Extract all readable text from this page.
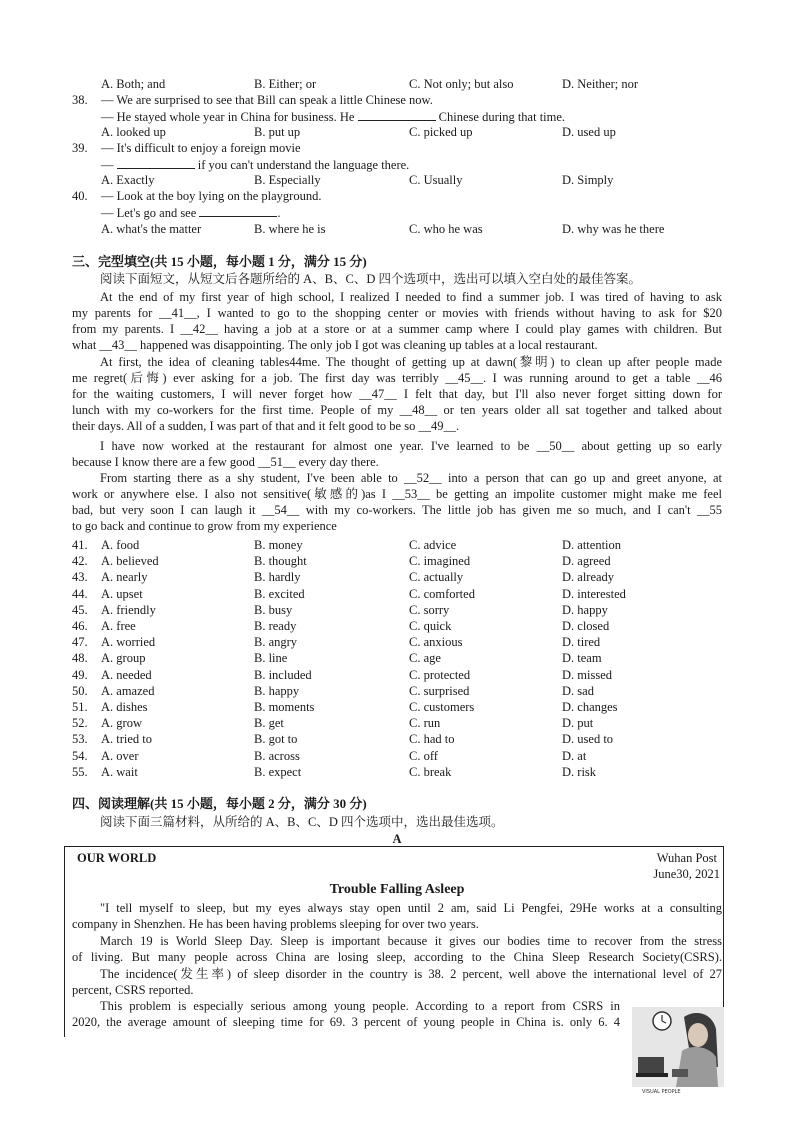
A. Both; and	B. Either; or	C. Not only; but also	D. Neither; nor
38. — We are surprised to see that Bill can speak a little Chinese now.
— He stayed whole year in China for business. He	Chinese during that time.
A. looked up	B. put up	C. picked up	D. used up
39. — It's difficult to enjoy a foreign movie
—	if you can't understand the language there.
A. Exactly	B. Especially	C. Usually	D. Simply
40. — Look at the boy lying on the playground.
— Let's go and see	.
A. what's the matter	B. where he is	C. who he was	D. why was he there
三、完型填空(共 15 小题，每小题 1 分，满分 15 分)
阅读下面短文，从短文后各题所给的 A、B、C、D 四个选项中，选出可以填入空白处的最佳答案。
At the end of my first year of high school, I realized I needed to find a summer job. I was tired of having to ask
my parents for __41__, I wanted to go to the shopping center or movies with friends without having to ask for $20
from my parents. I __42__ having a job at a store or at a summer camp where I could play games with children. But
what __43__ happened was disappointing. The only job I got was cleaning up tables at a local restaurant.
At first, the idea of cleaning tables44me. The thought of getting up at dawn(黎明) to clean up after people made
me regret(后悔) ever asking for a job. The first day was terribly __45__. I was running around to get a table __46
for the waiting customers, I will never forget how __47__ I felt that day, but I'll also never forget sitting down for
lunch with my co-workers for the first time. People of my __48__ or ten years older all sat together and talked about
their days. All of a sudden, I was part of that and it felt good to be so __49__.
I have now worked at the restaurant for almost one year. I've learned to be __50__ about getting up so early
because I know there are a few good __51__ every day there.
From starting there as a shy student, I've been able to __52__ into a person that can go up and greet anyone, at
work or anywhere else. I also not sensitive(敏感的)as I __53__ be getting an impolite customer might make me feel
bad, but very soon I can laugh it __54__ with my co-workers. The little job has given me so much, and I can't __55
to go back and continue to grow from my experience
41. A. food	B. money	C. advice	D. attention
42. A. believed	B. thought	C. imagined	D. agreed
43. A. nearly	B. hardly	C. actually	D. already
44. A. upset	B. excited	C. comforted	D. interested
45. A. friendly	B. busy	C. sorry	D. happy
46. A. free	B. ready	C. quick	D. closed
47. A. worried	B. angry	C. anxious	D. tired
48. A. group	B. line	C. age	D. team
49. A. needed	B. included	C. protected	D. missed
50. A. amazed	B. happy	C. surprised	D. sad
51. A. dishes	B. moments	C. customers	D. changes
52. A. grow	B. get	C. run	D. put
53. A. tried to	B. got to	C. had to	D. used to
54. A. over	B. across	C. off	D. at
55. A. wait	B. expect	C. break	D. risk
四、阅读理解(共 15 小题，每小题 2 分，满分 30 分)
阅读下面三篇材料，从所给的 A、B、C、D 四个选项中，选出最佳选项。
A
OUR WORLD	Wuhan Post
June30, 2021
Trouble Falling Asleep
"I tell myself to sleep, but my eyes always stay open until 2 am, said Li Pengfei, 29He works at a consulting
company in Shenzhen. He has been having problems sleeping for over two years.
March 19 is World Sleep Day. Sleep is important because it gives our bodies time to recover from the stress
of living. But many people across China are losing sleep, according to the China Sleep Research Society(CSRS).
The incidence(发生率) of sleep disorder in the country is 38. 2 percent, well above the international level of 27
percent, CSRS reported.
This problem is especially serious among young people. According to a report from CSRS in
2020, the average amount of sleeping time for 69. 3 percent of young people in China is. only 6. 4
VISUAL PEOPLE
